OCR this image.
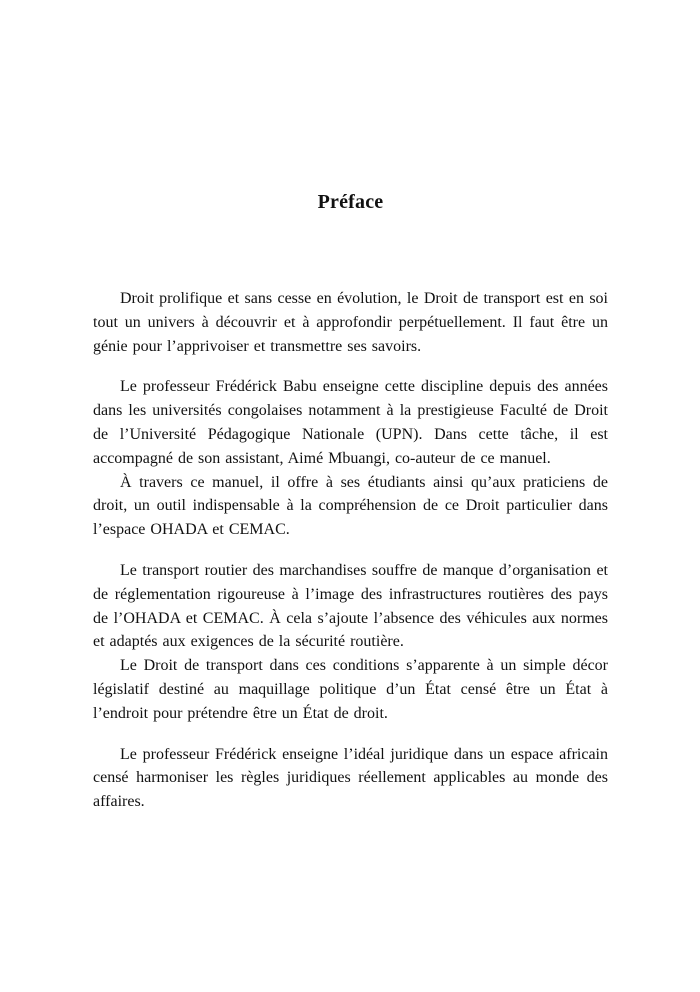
Préface

Droit prolifique et sans cesse en évolution, le Droit de transport est en soi tout un univers à découvrir et à approfondir perpétuellement. Il faut être un génie pour l’apprivoiser et transmettre ses savoirs.

Le professeur Frédérick Babu enseigne cette discipline depuis des années dans les universités congolaises notamment à la prestigieuse Faculté de Droit de l’Université Pédagogique Nationale (UPN). Dans cette tâche, il est accompagné de son assistant, Aimé Mbuangi, co-auteur de ce manuel.

À travers ce manuel, il offre à ses étudiants ainsi qu’aux praticiens de droit, un outil indispensable à la compréhension de ce Droit particulier dans l’espace OHADA et CEMAC.

Le transport routier des marchandises souffre de manque d’organisation et de réglementation rigoureuse à l’image des infrastructures routières des pays de l’OHADA et CEMAC. À cela s’ajoute l’absence des véhicules aux normes et adaptés aux exigences de la sécurité routière.

Le Droit de transport dans ces conditions s’apparente à un simple décor législatif destiné au maquillage politique d’un État censé être un État à l’endroit pour prétendre être un État de droit.

Le professeur Frédérick enseigne l’idéal juridique dans un espace africain censé harmoniser les règles juridiques réellement applicables au monde des affaires.
